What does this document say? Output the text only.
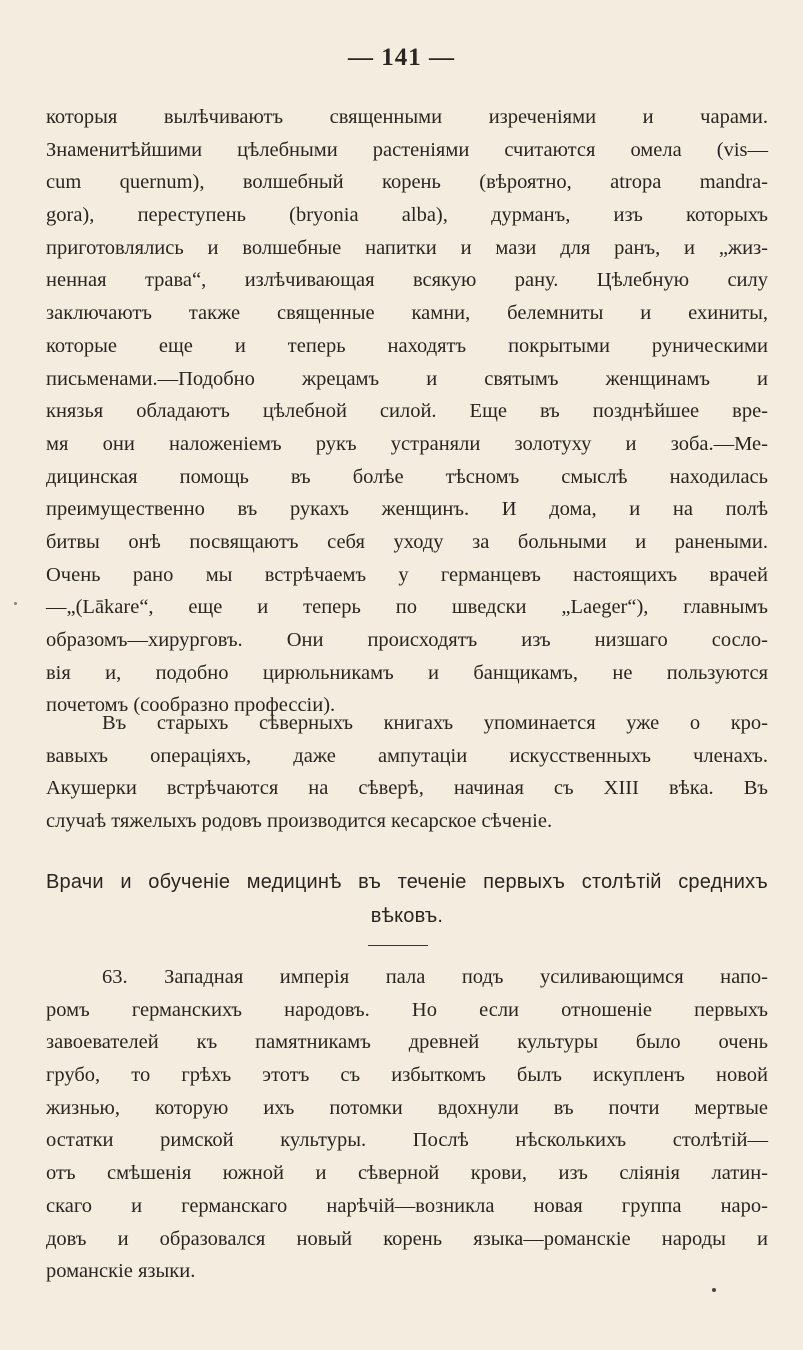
— 141 —
которыя вылѣчиваютъ священными изреченіями и чарами.
Знаменитѣйшими цѣлебными растеніями считаются омела (vis—
cum quernum), волшебный корень (вѣроятно, atropa mandra-
gora), переступень (bryonia alba), дурманъ, изъ которыхъ
приготовлялись и волшебные напитки и мази для ранъ, и „жиз-
ненная трава“, излѣчивающая всякую рану. Цѣлебную силу
заключаютъ также священные камни, белемниты и ехиниты,
которые еще и теперь находятъ покрытыми руническими
письменами.—Подобно жрецамъ и святымъ женщинамъ и
князья обладаютъ цѣлебной силой. Еще въ позднѣйшее вре-
мя они наложеніемъ рукъ устраняли золотуху и зоба.—Ме-
дицинская помощь въ болѣе тѣсномъ смыслѣ находилась
преимущественно въ рукахъ женщинъ. И дома, и на полѣ
битвы онѣ посвящаютъ себя уходу за больными и ранеными.
Очень рано мы встрѣчаемъ у германцевъ настоящихъ врачей
—„(Lākare“, еще и теперь по шведски „Laeger“), главнымъ
образомъ—хирурговъ. Они происходятъ изъ низшаго сосло-
вія и, подобно цирюльникамъ и банщикамъ, не пользуются
почетомъ (сообразно профессіи).
Въ старыхъ сѣверныхъ книгахъ упоминается уже о кро-
вавыхъ операціяхъ, даже ампутаціи искусственныхъ членахъ.
Акушерки встрѣчаются на сѣверѣ, начиная съ XIII вѣка. Въ
случаѣ тяжелыхъ родовъ производится кесарское сѣченіе.
Врачи и обученіе медицинѣ въ теченіе первыхъ столѣтій среднихъ
вѣковъ.
63. Западная имперія пала подъ усиливающимся напо-
ромъ германскихъ народовъ. Но если отношеніе первыхъ
завоевателей къ памятникамъ древней культуры было очень
грубо, то грѣхъ этотъ съ избыткомъ былъ искупленъ новой
жизнью, которую ихъ потомки вдохнули въ почти мертвые
остатки римской культуры. Послѣ нѣсколькихъ столѣтій—
отъ смѣшенія южной и сѣверной крови, изъ слiянiя латин-
скаго и германскаго нарѣчій—возникла новая группа наро-
довъ и образовался новый корень языка—романскіе народы и
романскіе языки.
